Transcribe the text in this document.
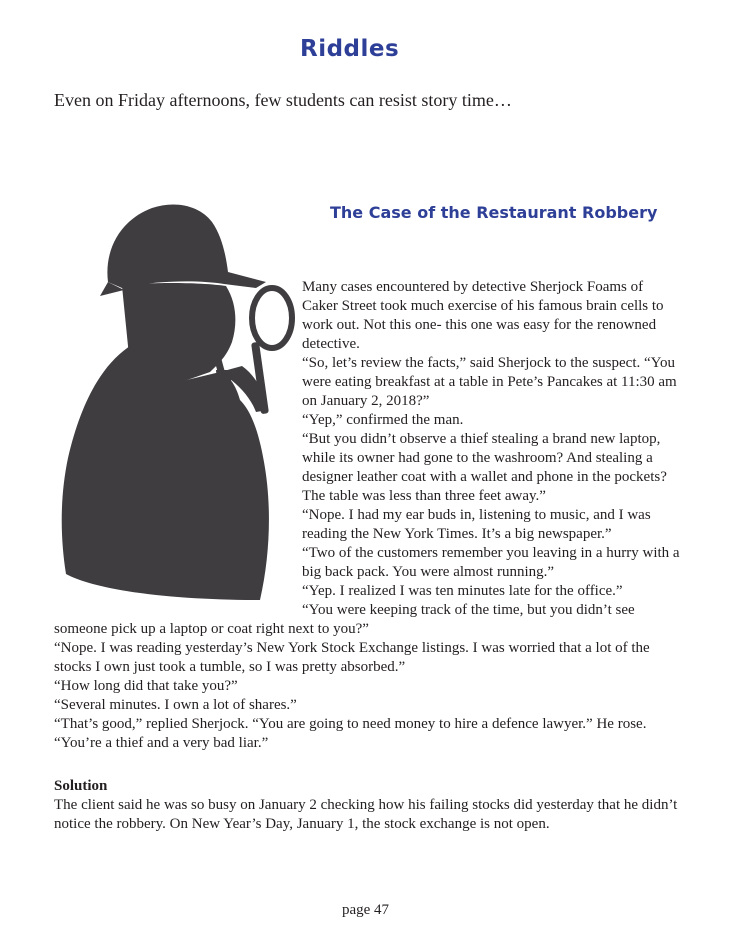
Riddles

Even on Friday afternoons, few students can resist story time…

The Case of the Restaurant Robbery

Many cases encountered by detective Sherjock Foams of Caker Street took much exercise of his famous brain cells to work out. Not this one- this one was easy for the renowned detective.

“So, let’s review the facts,” said Sherjock to the suspect. “You were eating breakfast at a table in Pete’s Pancakes at 11:30 am on January 2, 2018?”

“Yep,” confirmed the man.

“But you didn’t observe a thief stealing a brand new laptop, while its owner had gone to the washroom? And stealing a designer leather coat with a wallet and phone in the pockets? The table was less than three feet away.”

“Nope. I had my ear buds in, listening to music, and I was reading the New York Times. It’s a big newspaper.”

“Two of the customers remember you leaving in a hurry with a big back pack. You were almost running.”

“Yep. I realized I was ten minutes late for the office.”

“You were keeping track of the time, but you didn’t see someone pick up a laptop or coat right next to you?”

“Nope. I was reading yesterday’s New York Stock Exchange listings. I was worried that a lot of the stocks I own just took a tumble, so I was pretty absorbed.”

“How long did that take you?”

“Several minutes. I own a lot of shares.”

“That’s good,” replied Sherjock. “You are going to need money to hire a defence lawyer.” He rose. “You’re a thief and a very bad liar.”

Solution

The client said he was so busy on January 2 checking how his failing stocks did yesterday that he didn’t notice the robbery. On New Year’s Day, January 1, the stock exchange is not open.

page 47
